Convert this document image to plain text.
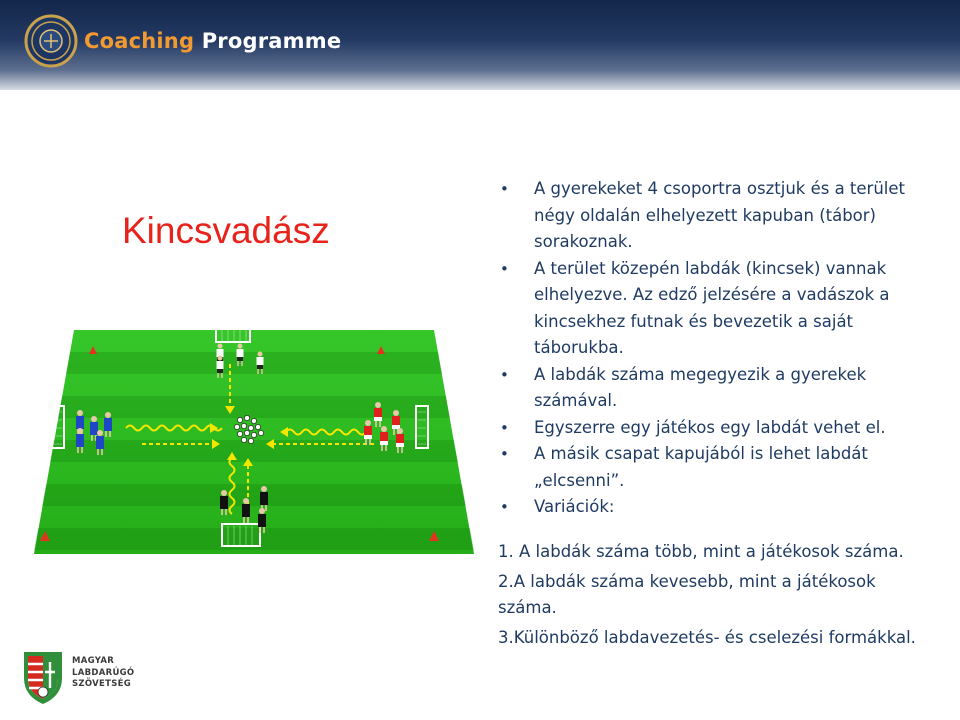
Coaching Programme
Kincsvadász
• A gyerekeket 4 csoportra osztjuk és a terület négy oldalán elhelyezett kapuban (tábor) sorakoznak.
• A terület közepén labdák (kincsek) vannak elhelyezve. Az edző jelzésére a vadászok a kincsekhez futnak és bevezetik a saját táborukba.
• A labdák száma megegyezik a gyerekek számával.
• Egyszerre egy játékos egy labdát vehet el.
• A másik csapat kapujából is lehet labdát „elcsenni”.
• Variációk:

1. A labdák száma több, mint a játékosok száma.

2.A labdák száma kevesebb, mint a játékosok száma.

3.Különböző labdavezetés- és cselezési formákkal.

MAGYAR
LABDARÚGÓ
SZÖVETSÉG
